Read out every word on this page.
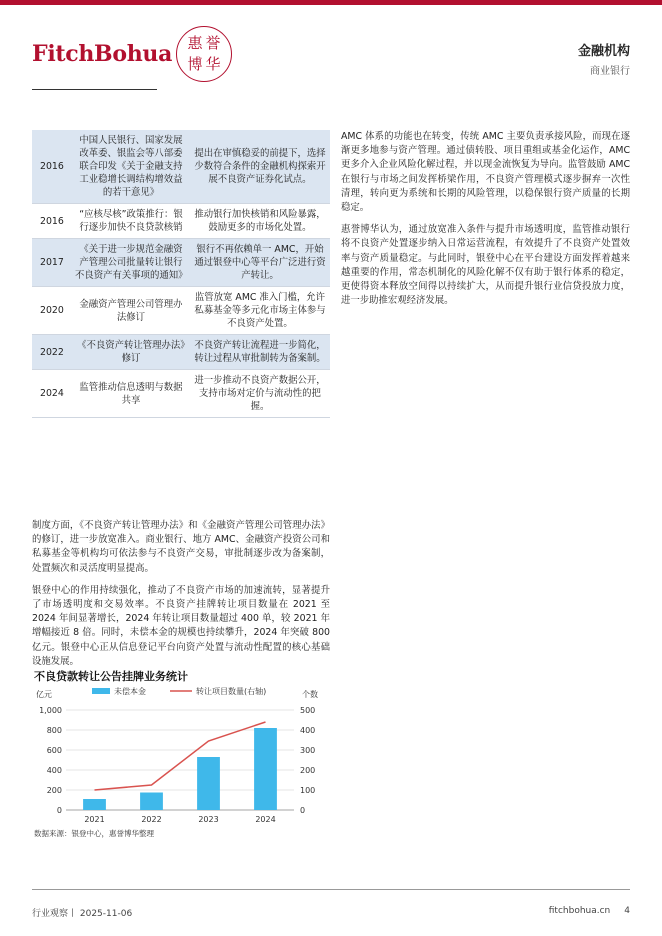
FitchBohua 惠 誉
博 华
金融机构
商业银行
2016	中国人民银行、国家发展改革委、银监会等八部委联合印发《关于金融支持工业稳增长调结构增效益的若干意见》	提出在审慎稳妥的前提下，选择少数符合条件的金融机构探索开展不良资产证券化试点。
2016	“应核尽核”政策推行：银行逐步加快不良贷款核销	推动银行加快核销和风险暴露，鼓励更多的市场化处置。
2017	《关于进一步规范金融资产管理公司批量转让银行不良资产有关事项的通知》	银行不再依赖单一 AMC，开始通过银登中心等平台广泛进行资产转让。
2020	金融资产管理公司管理办法修订	监管放宽 AMC 准入门槛，允许私募基金等多元化市场主体参与不良资产处置。
2022	《不良资产转让管理办法》修订	不良资产转让流程进一步简化，转让过程从审批制转为备案制。
2024	监管推动信息透明与数据共享	进一步推动不良资产数据公开，支持市场对定价与流动性的把握。

制度方面，《不良资产转让管理办法》和《金融资产管理公司管理办法》的修订，进一步放宽准入。商业银行、地方 AMC、金融资产投资公司和私募基金等机构均可依法参与不良资产交易，审批制逐步改为备案制，处置频次和灵活度明显提高。

银登中心的作用持续强化，推动了不良资产市场的加速流转，显著提升了市场透明度和交易效率。不良资产挂牌转让项目数量在 2021 至 2024 年间显著增长，2024 年转让项目数量超过 400 单，较 2021 年增幅接近 8 倍。同时，未偿本金的规模也持续攀升，2024 年突破 800 亿元。银登中心正从信息登记平台向资产处置与流动性配置的核心基础设施发展。

AMC 体系的功能也在转变，传统 AMC 主要负责承接风险，而现在逐渐更多地参与资产管理。通过债转股、项目重组或基金化运作，AMC 更多介入企业风险化解过程，并以现金流恢复为导向。监管鼓励 AMC 在银行与市场之间发挥桥梁作用，不良资产管理模式逐步摒弃一次性清理，转向更为系统和长期的风险管理，以稳保银行资产质量的长期稳定。

惠誉博华认为，通过放宽准入条件与提升市场透明度，监管推动银行将不良资产处置逐步纳入日常运营流程，有效提升了不良资产处置效率与资产质量稳定。与此同时，银登中心在平台建设方面发挥着越来越重要的作用，常态机制化的风险化解不仅有助于银行体系的稳定，更使得资本释放空间得以持续扩大，从而提升银行业信贷投放力度，进一步助推宏观经济发展。

不良贷款转让公告挂牌业务统计
0
200
400
600
800
1,000
0
100
200
300
400
500
亿元	个数
2021	2022	2023	2024
未偿本金	转让项目数量(右轴)
数据来源：银登中心，惠誉博华整理
行业观察丨 2025-11-06	fitchbohua.cn 4
